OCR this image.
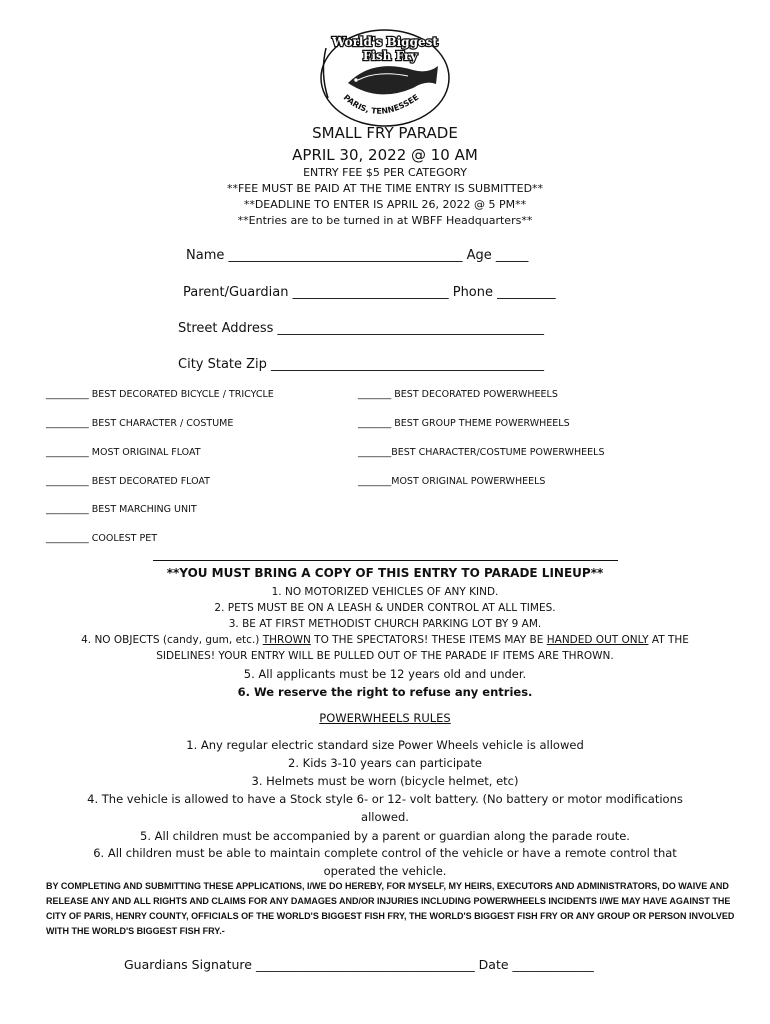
World's Biggest
Fish Fry
PARIS, TENNESSEE
SMALL FRY PARADE
APRIL 30, 2022 @ 10 AM
ENTRY FEE $5 PER CATEGORY
**FEE MUST BE PAID AT THE TIME ENTRY IS SUBMITTED**
**DEADLINE TO ENTER IS APRIL 26, 2022 @ 5 PM**
**Entries are to be turned in at WBFF Headquarters**
Name ____________________________________ Age _____
Parent/Guardian ________________________ Phone _________
Street Address _________________________________________
City State Zip __________________________________________
_________ BEST DECORATED BICYCLE / TRICYCLE
_________ BEST CHARACTER / COSTUME
_________ MOST ORIGINAL FLOAT
_________ BEST DECORATED FLOAT
_________ BEST MARCHING UNIT
_________ COOLEST PET
_______ BEST DECORATED POWERWHEELS
_______ BEST GROUP THEME POWERWHEELS
_______BEST CHARACTER/COSTUME POWERWHEELS
_______MOST ORIGINAL POWERWHEELS
**YOU MUST BRING A COPY OF THIS ENTRY TO PARADE LINEUP**
1. NO MOTORIZED VEHICLES OF ANY KIND.
2. PETS MUST BE ON A LEASH & UNDER CONTROL AT ALL TIMES.
3. BE AT FIRST METHODIST CHURCH PARKING LOT BY 9 AM.
4. NO OBJECTS (candy, gum, etc.) THROWN TO THE SPECTATORS! THESE ITEMS MAY BE HANDED OUT ONLY AT THE
SIDELINES! YOUR ENTRY WILL BE PULLED OUT OF THE PARADE IF ITEMS ARE THROWN.
5. All applicants must be 12 years old and under.
6. We reserve the right to refuse any entries.
POWERWHEELS RULES
1. Any regular electric standard size Power Wheels vehicle is allowed
2. Kids 3-10 years can participate
3. Helmets must be worn (bicycle helmet, etc)
4. The vehicle is allowed to have a Stock style 6- or 12- volt battery. (No battery or motor modifications
allowed.
5. All children must be accompanied by a parent or guardian along the parade route.
6. All children must be able to maintain complete control of the vehicle or have a remote control that
operated the vehicle.
BY COMPLETING AND SUBMITTING THESE APPLICATIONS, I/WE DO HEREBY, FOR MYSELF, MY HEIRS, EXECUTORS AND ADMINISTRATORS, DO WAIVE AND RELEASE ANY AND ALL RIGHTS AND CLAIMS FOR ANY DAMAGES AND/OR INJURIES INCLUDING POWERWHEELS INCIDENTS I/WE MAY HAVE AGAINST THE CITY OF PARIS, HENRY COUNTY, OFFICIALS OF THE WORLD'S BIGGEST FISH FRY, THE WORLD'S BIGGEST FISH FRY OR ANY GROUP OR PERSON INVOLVED WITH THE WORLD'S BIGGEST FISH FRY.-
Guardians Signature ___________________________________ Date _____________
